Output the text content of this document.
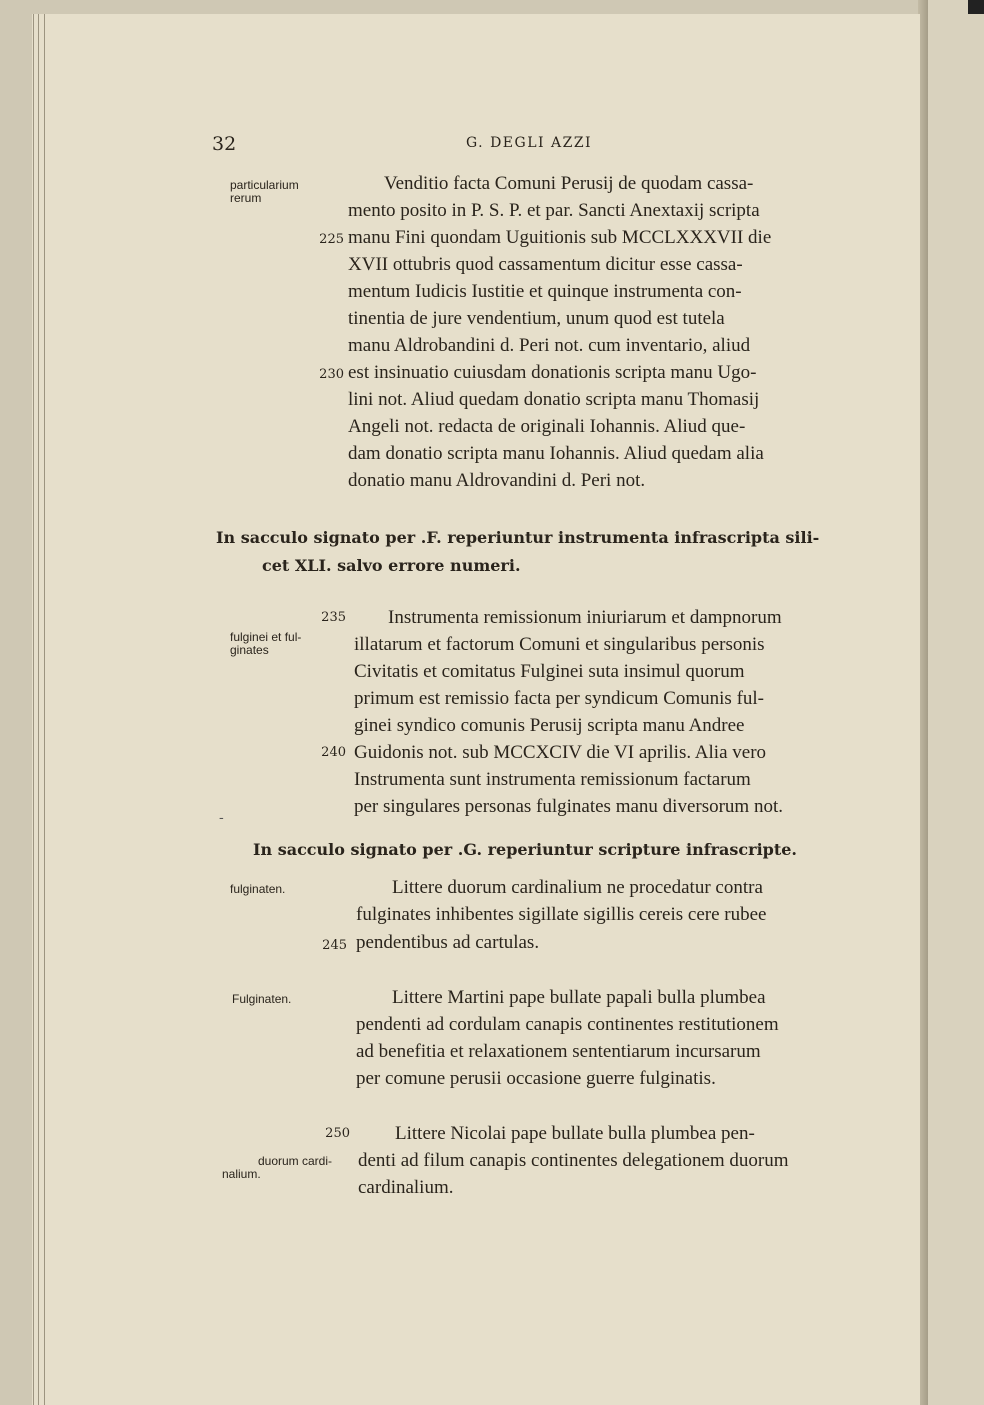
32	G. DEGLI AZZI
particularium
rerum
225
230
Venditio facta Comuni Perusij de quodam cassa-
mento posito in P. S. P. et par. Sancti Anextaxij scripta
manu Fini quondam Uguitionis sub MCCLXXXVII die
XVII ottubris quod cassamentum dicitur esse cassa-
mentum Iudicis Iustitie et quinque instrumenta con-
tinentia de jure vendentium, unum quod est tutela
manu Aldrobandini d. Peri not. cum inventario, aliud
est insinuatio cuiusdam donationis scripta manu Ugo-
lini not. Aliud quedam donatio scripta manu Thomasij
Angeli not. redacta de originali Iohannis. Aliud que-
dam donatio scripta manu Iohannis. Aliud quedam alia
donatio manu Aldrovandini d. Peri not.
In sacculo signato per .F. reperiuntur instrumenta infrascripta sili-
cet XLI. salvo errore numeri.
fulginei et ful-
ginates
235
240
Instrumenta remissionum iniuriarum et dampnorum
illatarum et factorum Comuni et singularibus personis
Civitatis et comitatus Fulginei suta insimul quorum
primum est remissio facta per syndicum Comunis ful-
ginei syndico comunis Perusij scripta manu Andree
Guidonis not. sub MCCXCIV die VI aprilis. Alia vero
Instrumenta sunt instrumenta remissionum factarum
per singulares personas fulginates manu diversorum not.
-
In sacculo signato per .G. reperiuntur scripture infrascripte.
fulginaten.
245
Littere duorum cardinalium ne procedatur contra
fulginates inhibentes sigillate sigillis cereis cere rubee
pendentibus ad cartulas.
Fulginaten.	Littere Martini pape bullate papali bulla plumbea
pendenti ad cordulam canapis continentes restitutionem
ad benefitia et relaxationem sententiarum incursarum
per comune perusii occasione guerre fulginatis.
250
duorum cardi-
nalium.
Littere Nicolai pape bullate bulla plumbea pen-
denti ad filum canapis continentes delegationem duorum
cardinalium.
